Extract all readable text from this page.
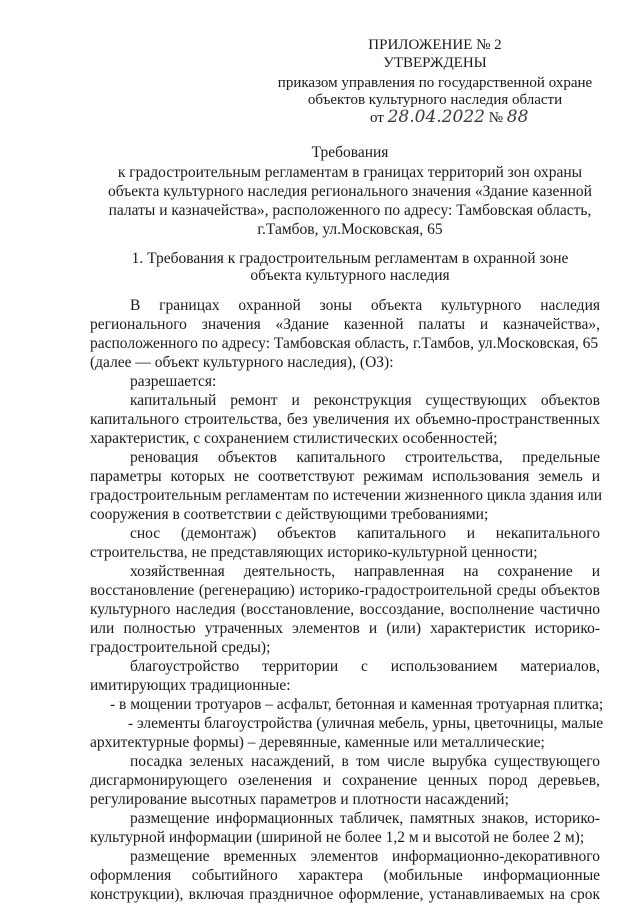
ПРИЛОЖЕНИЕ № 2
УТВЕРЖДЕНЫ
приказом управления по государственной охране
объектов культурного наследия области
от 28.04.2022 № 88
Требования
к градостроительным регламентам в границах территорий зон охраны
объекта культурного наследия регионального значения «Здание казенной
палаты и казначейства», расположенного по адресу: Тамбовская область,
г.Тамбов, ул.Московская, 65
1. Требования к градостроительным регламентам в охранной зоне
объекта культурного наследия
В границах охранной зоны объекта культурного наследия
регионального значения «Здание казенной палаты и казначейства»,
расположенного по адресу: Тамбовская область, г.Тамбов, ул.Московская, 65
(далее — объект культурного наследия), (ОЗ):
разрешается:
капитальный ремонт и реконструкция существующих объектов
капитального строительства, без увеличения их объемно-пространственных
характеристик, с сохранением стилистических особенностей;
реновация объектов капитального строительства, предельные
параметры которых не соответствуют режимам использования земель и
градостроительным регламентам по истечении жизненного цикла здания или
сооружения в соответствии с действующими требованиями;
снос (демонтаж) объектов капитального и некапитального
строительства, не представляющих историко-культурной ценности;
хозяйственная деятельность, направленная на сохранение и
восстановление (регенерацию) историко-градостроительной среды объектов
культурного наследия (восстановление, воссоздание, восполнение частично
или полностью утраченных элементов и (или) характеристик историко-
градостроительной среды);
благоустройство территории с использованием материалов,
имитирующих традиционные:
- в мощении тротуаров – асфальт, бетонная и каменная тротуарная плитка;
- элементы благоустройства (уличная мебель, урны, цветочницы, малые
архитектурные формы) – деревянные, каменные или металлические;
посадка зеленых насаждений, в том числе вырубка существующего
дисгармонирующего озеленения и сохранение ценных пород деревьев,
регулирование высотных параметров и плотности насаждений;
размещение информационных табличек, памятных знаков, историко-
культурной информации (шириной не более 1,2 м и высотой не более 2 м);
размещение временных элементов информационно-декоративного
оформления событийного характера (мобильные информационные
конструкции), включая праздничное оформление, устанавливаемых на срок
